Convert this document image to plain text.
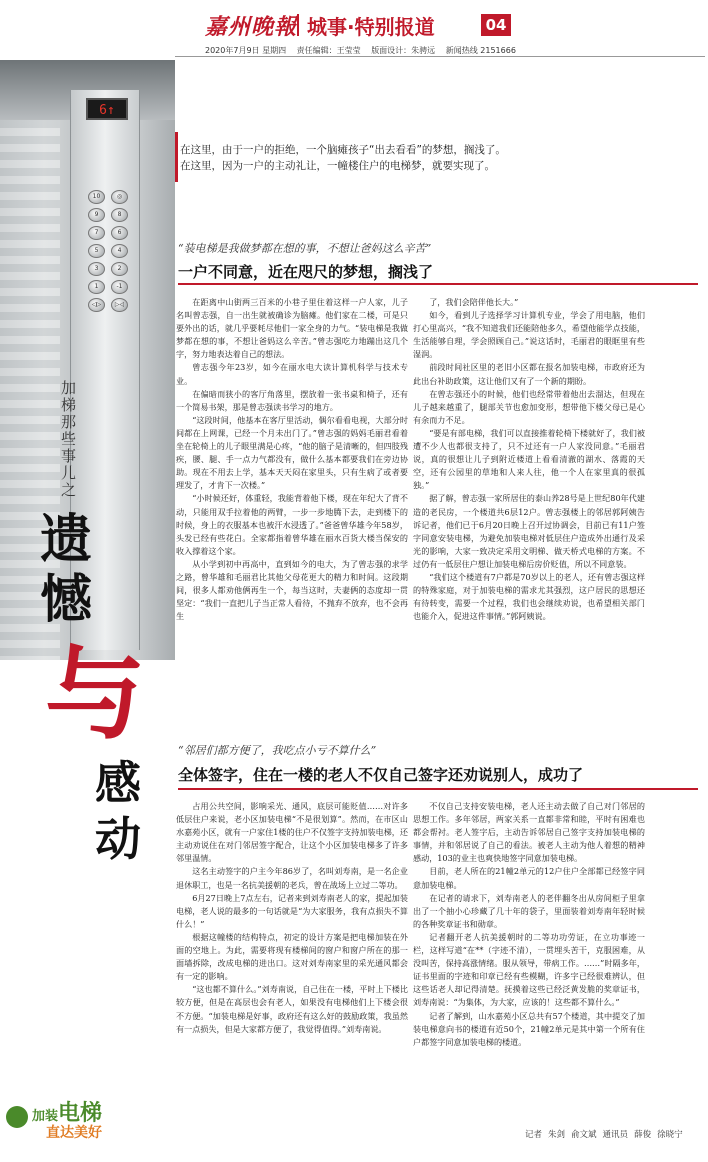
嘉州晚報 城事·特别报道	04
2020年7月9日 星期四 责任编辑：王莹莹 版面设计：朱骋远 新闻热线 2151666
6↑
10	◎
9	8
7	6
5	4
3	2
1	-1
◁▷	▷◁
在这里，由于一户的拒绝，一个脑瘫孩子“出去看看”的梦想，搁浅了。
在这里，因为一户的主动礼让，一幢楼住户的电梯梦，就要实现了。
加梯那些事儿之
遗憾
与
感动
“装电梯是我做梦都在想的事，不想让爸妈这么辛苦”
一户不同意，近在咫尺的梦想，搁浅了

在距离中山街两三百米的小巷子里住着这样一户人家，儿子名叫曾志强，自一出生就被确诊为脑瘫。他们家在二楼，可是只要外出的话，就几乎要耗尽他们一家全身的力气。“装电梯是我做梦都在想的事，不想让爸妈这么辛苦。”曾志强吃力地蹦出这几个字，努力地表达着自己的想法。

曾志强今年23岁，如今在丽水电大读计算机科学与技术专业。

在偏暗而狭小的客厅角落里，摆放着一张书桌和椅子，还有一个简易书架，那是曾志强读书学习的地方。

“这段时间，他基本在客厅里活动，偶尔看看电视，大部分时间都在上网课，已经一个月未出门了。”曾志强的妈妈毛丽君看着坐在轮椅上的儿子眼里满是心疼，“他的脑子是清晰的，但四肢残疾，腰、腿、手一点力气都没有，做什么基本都要我们在旁边协助。现在不用去上学，基本天天闷在家里头，只有生病了或者要理发了，才肯下一次楼。”

“小时候还好，体重轻，我能背着他下楼，现在年纪大了背不动，只能用双手拉着他的两臂，一步一步地腾下去，走到楼下的时候，身上的衣服基本也被汗水浸透了。”爸爸曾华雄今年58岁，头发已经有些花白。全家都指着曾华雄在丽水百货大楼当保安的收入撑着这个家。

从小学到初中再高中，直到如今的电大，为了曾志强的求学之路，曾华雄和毛丽君比其他父母花更大的精力和时间。这段期间，很多人都劝他俩再生一个，每当这时，夫妻俩的态度却一贯坚定：“我们一直把儿子当正常人看待，不抛弃不放弃，也不会再生

了，我们会陪伴他长大。”

如今，看到儿子选择学习计算机专业，学会了用电脑，他们打心里高兴，“我不知道我们还能陪他多久，希望他能学点技能，生活能够自理，学会照顾自己。”说这话时，毛丽君的眼眶里有些湿润。

前段时间社区里的老旧小区都在报名加装电梯，市政府还为此出台补助政策，这让他们又有了一个新的期盼。

在曾志强还小的时候，他们也经常带着他出去溜达，但现在儿子越来越重了，腿部关节也愈加变形，想带他下楼父母已是心有余而力不足。

“要是有部电梯，我们可以直接推着轮椅下楼就好了，我们被遭不少人也都很支持了，只不过还有一户人家没同意。”毛丽君说，真的很想让儿子到附近楼道上看看清澈的湖水、落霞的天空，还有公园里的草地和人来人往，他一个人在家里真的很孤独。”

据了解，曾志强一家所居住的泰山养28号是上世纪80年代建造的老民房，一个楼道共6层12户。曾志强楼上的邻居郭阿姨告诉记者，他们已于6月20日晚上召开过协调会，目前已有11户签字同意安装电梯，为避免加装电梯对低层住户造成外出通行及采光的影响，大家一致决定采用文明梯、做天桥式电梯的方案。不过仍有一低层住户想让加装电梯后房价贬值，所以不同意装。

“我们这个楼道有7户都是70岁以上的老人，还有曾志强这样的特殊家庭，对于加装电梯的需求尤其强烈，这户居民的思想还有待转变，需要一个过程，我们也会继续劝说，也希望相关部门也能介入，促进这件事情。”郭阿姨说。

“邻居们都方便了，我吃点小亏不算什么”
全体签字，住在一楼的老人不仅自己签字还劝说别人，成功了

占用公共空间，影响采光、通风，底层可能贬值……对许多低层住户来说，老小区加装电梯“不是很划算”。然而，在市区山水嘉苑小区，就有一户家住1楼的住户不仅签字支持加装电梯，还主动劝说住在对门邻居签字配合，让这个小区加装电梯多了许多邻里温情。

这名主动签字的户主今年86岁了，名叫刘寿南，是一名企业退休职工，也是一名抗美援朝的老兵，曾在战场上立过二等功。

6月27日晚上7点左右，记者来到刘寿南老人的家，提起加装电梯，老人说的最多的一句话就是“为大家服务，我有点损失不算什么！”

根据这幢楼的结构特点，初定的设计方案是把电梯加装在外面的空地上。为此，需要将现有楼梯间的窗户和窗户所在的那一面墙拆除，改成电梯的进出口。这对刘寿南家里的采光通风都会有一定的影响。

“这也都不算什么。”刘寿南说，自己住在一楼，平时上下楼比较方便，但是在高层也会有老人，如果没有电梯他们上下楼会很不方便。“加装电梯是好事，政府还有这么好的鼓励政策，我虽然有一点损失，但是大家都方便了，我觉得值得。”刘寿南说。

不仅自己支持安装电梯，老人还主动去做了自己对门邻居的思想工作。多年邻居，两家关系一直都非常和睦，平时有困难也都会帮衬。老人签字后，主动告诉邻居自己签字支持加装电梯的事情，并和邻居说了自己的看法。被老人主动为他人着想的精神感动，103的业主也爽快地签字同意加装电梯。

目前，老人所在的21幢2单元的12户住户全部都已经签字同意加装电梯。

在记者的请求下，刘寿南老人的老伴翻冬出从房间柜子里拿出了一个抽小心珍藏了几十年的袋子，里面装着刘寿南年轻时候的各种奖章证书和勋章。

记者翻开老人抗美援朝时的二等功功劳证，在立功事迹一栏，这样写道“在**（字迹不清），一贯埋头苦干，克服困难，从没叫苦，保持高涨情绪。服从领导，带病工作。……”时隔多年，证书里面的字迹和印章已经有些模糊，许多字已经很难辨认，但这些话老人却记得清楚。抚摸着这些已经泛黄发脆的奖章证书，刘寿南说：“为集体，为大家，应该的！这些都不算什么。”

记者了解到，山水嘉苑小区总共有57个楼道，其中提交了加装电梯意向书的楼道有近50个，21幢2单元是其中第一个所有住户都签字同意加装电梯的楼道。

加装电梯
直达美好	记者 朱剑 俞文斌 通讯员 薛俊 徐晓宁
